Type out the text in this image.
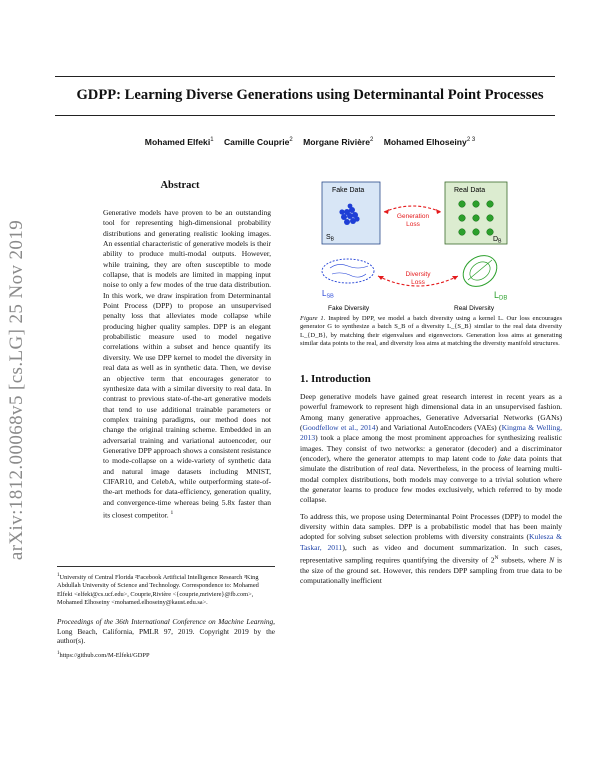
arXiv:1812.00068v5 [cs.LG] 25 Nov 2019
GDPP: Learning Diverse Generations using Determinantal Point Processes
Mohamed Elfeki$^1$ Camille Couprie$^2$ Morgane Rivière$^2$ Mohamed Elhoseiny$^{2 3}$
Abstract
Generative models have proven to be an outstanding tool for representing high-dimensional probability distributions and generating realistic looking images. An essential characteristic of generative models is their ability to produce multi-modal outputs. However, while training, they are often susceptible to mode collapse, that is models are limited in mapping input noise to only a few modes of the true data distribution. In this work, we draw inspiration from Determinantal Point Process (DPP) to propose an unsupervised penalty loss that alleviates mode collapse while producing higher quality samples. DPP is an elegant probabilistic measure used to model negative correlations within a subset and hence quantify its diversity. We use DPP kernel to model the diversity in real data as well as in synthetic data. Then, we devise an objective term that encourages generator to synthesize data with a similar diversity to real data. In contrast to previous state-of-the-art generative models that tend to use additional trainable parameters or complex training paradigms, our method does not change the original training scheme. Embedded in an adversarial training and variational autoencoder, our Generative DPP approach shows a consistent resistance to mode-collapse on a wide-variety of synthetic data and natural image datasets including MNIST, CIFAR10, and CelebA, while outperforming state-of-the-art methods for data-efficiency, generation quality, and convergence-time whereas being 5.8x faster than its closest competitor. $^1$
$^1$University of Central Florida ²Facebook Artificial Intelligence Research ³King Abdullah University of Science and Technology. Correspondence to: Mohamed Elfeki <elfeki@cs.ucf.edu>, Couprie,Rivière <{couprie,mriviere}@fb.com>, Mohamed Elhoseiny <mohamed.elhoseiny@kaust.edu.sa>.
Proceedings of the 36th International Conference on Machine Learning, Long Beach, California, PMLR 97, 2019. Copyright 2019 by the author(s).
$^1$https://github.com/M-Elfeki/GDPP
Fake Data
$S_B$
Real Data
$D_B$
Generation
Loss
LSB
Fake Diversity
LDB
Real Diversity
Diversity
Loss
Figure 1. Inspired by DPP, we model a batch diversity using a kernel L. Our loss encourages generator G to synthesize a batch S_B of a diversity L_{S_B} similar to the real data diversity L_{D_B}, by matching their eigenvalues and eigenvectors. Generation loss aims at generating similar data points to the real, and diversity loss aims at matching the diversity manifold structures.
1. Introduction

Deep generative models have gained great research interest in recent years as a powerful framework to represent high dimensional data in an unsupervised fashion. Among many generative approaches, Generative Adversarial Networks (GANs) (Goodfellow et al., 2014) and Variational AutoEncoders (VAEs) (Kingma & Welling, 2013) took a place among the most prominent approaches for synthesizing realistic images. They consist of two networks: a generator (decoder) and a discriminator (encoder), where the generator attempts to map latent code to fake data points that simulate the distribution of real data. Nevertheless, in the process of learning multi-modal complex distributions, both models may converge to a trivial solution where the generator learns to produce few modes exclusively, which referred to by mode collapse.

To address this, we propose using Determinantal Point Processes (DPP) to model the diversity within data samples. DPP is a probabilistic model that has been mainly adopted for solving subset selection problems with diversity constraints (Kulesza & Taskar, 2011), such as video and document summarization. In such cases, representative sampling requires quantifying the diversity of $2^N$ subsets, where N is the size of the ground set. However, this renders DPP sampling from true data to be computationally inefficient
